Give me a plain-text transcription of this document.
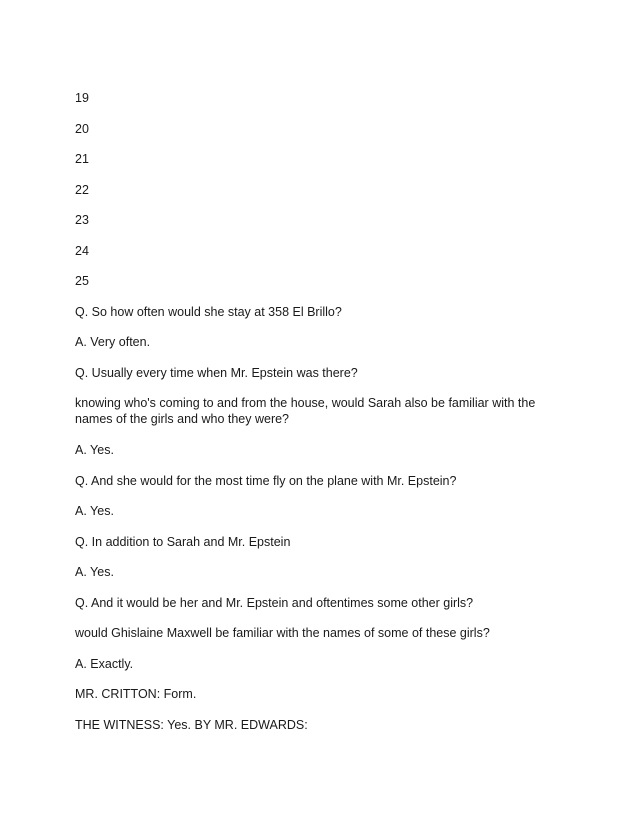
19
20
21
22
23
24
25
Q. So how often would she stay at 358 El Brillo?
A. Very often.
Q. Usually every time when Mr. Epstein was there?
knowing who's coming to and from the house, would Sarah also be familiar with the names of the girls and who they were?
A. Yes.
Q. And she would for the most time fly on the plane with Mr. Epstein?
A. Yes.
Q. In addition to Sarah and Mr. Epstein
A. Yes.
Q. And it would be her and Mr. Epstein and oftentimes some other girls?
would Ghislaine Maxwell be familiar with the names of some of these girls?
A. Exactly.
MR. CRITTON: Form.
THE WITNESS: Yes. BY MR. EDWARDS:
